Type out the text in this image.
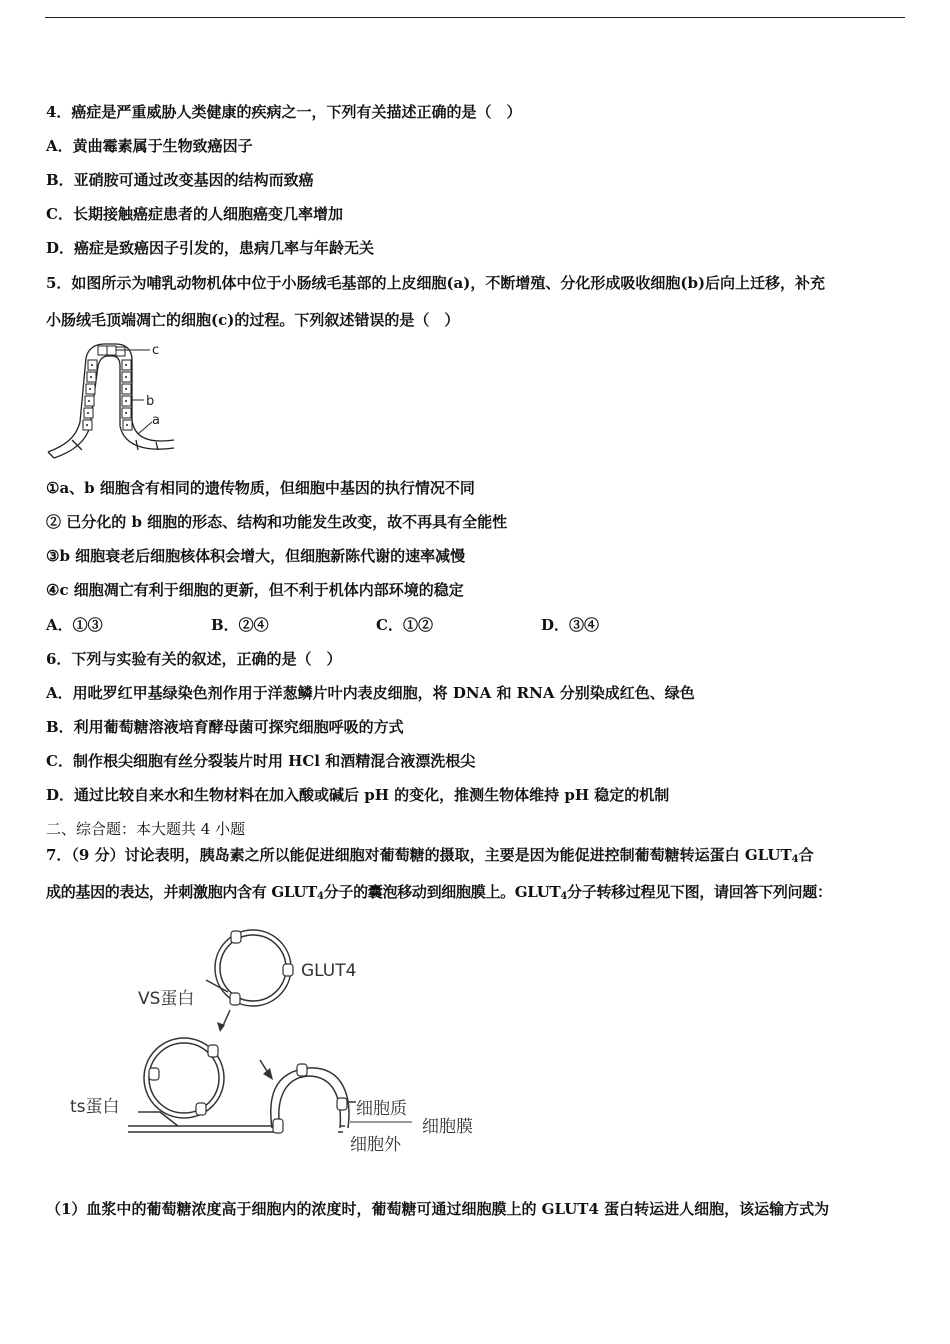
4．癌症是严重威胁人类健康的疾病之一，下列有关描述正确的是（　）
A．黄曲霉素属于生物致癌因子
B．亚硝胺可通过改变基因的结构而致癌
C．长期接触癌症患者的人细胞癌变几率增加
D．癌症是致癌因子引发的，患病几率与年龄无关
5．如图所示为哺乳动物机体中位于小肠绒毛基部的上皮细胞(a)，不断增殖、分化形成吸收细胞(b)后向上迁移，补充
小肠绒毛顶端凋亡的细胞(c)的过程。下列叙述错误的是（　）
c
b
a
①a、b 细胞含有相同的遗传物质，但细胞中基因的执行情况不同
② 已分化的 b 细胞的形态、结构和功能发生改变，故不再具有全能性
③b 细胞衰老后细胞核体积会增大，但细胞新陈代谢的速率减慢
④c 细胞凋亡有利于细胞的更新，但不利于机体内部环境的稳定
A．①③	B．②④	C．①②	D．③④
6．下列与实验有关的叙述，正确的是（　）
A．用吡罗红甲基绿染色剂作用于洋葱鳞片叶内表皮细胞，将 DNA 和 RNA 分别染成红色、绿色
B．利用葡萄糖溶液培育酵母菌可探究细胞呼吸的方式
C．制作根尖细胞有丝分裂装片时用 HCl 和酒精混合液漂洗根尖
D．通过比较自来水和生物材料在加入酸或碱后 pH 的变化，推测生物体维持 pH 稳定的机制
二、综合题：本大题共 4 小题
7．（9 分）讨论表明，胰岛素之所以能促进细胞对葡萄糖的摄取，主要是因为能促进控制葡萄糖转运蛋白 $GLUT_4$合
成的基因的表达，并刺激胞内含有 $GLUT_4$分子的囊泡移动到细胞膜上。$GLUT_4$分子转移过程见下图，请回答下列问题：
GLUT4
VS蛋白
ts蛋白	细胞质
细胞膜
细胞外
（1）血浆中的葡萄糖浓度高于细胞内的浓度时，葡萄糖可通过细胞膜上的 GLUT4 蛋白转运进人细胞，该运输方式为
